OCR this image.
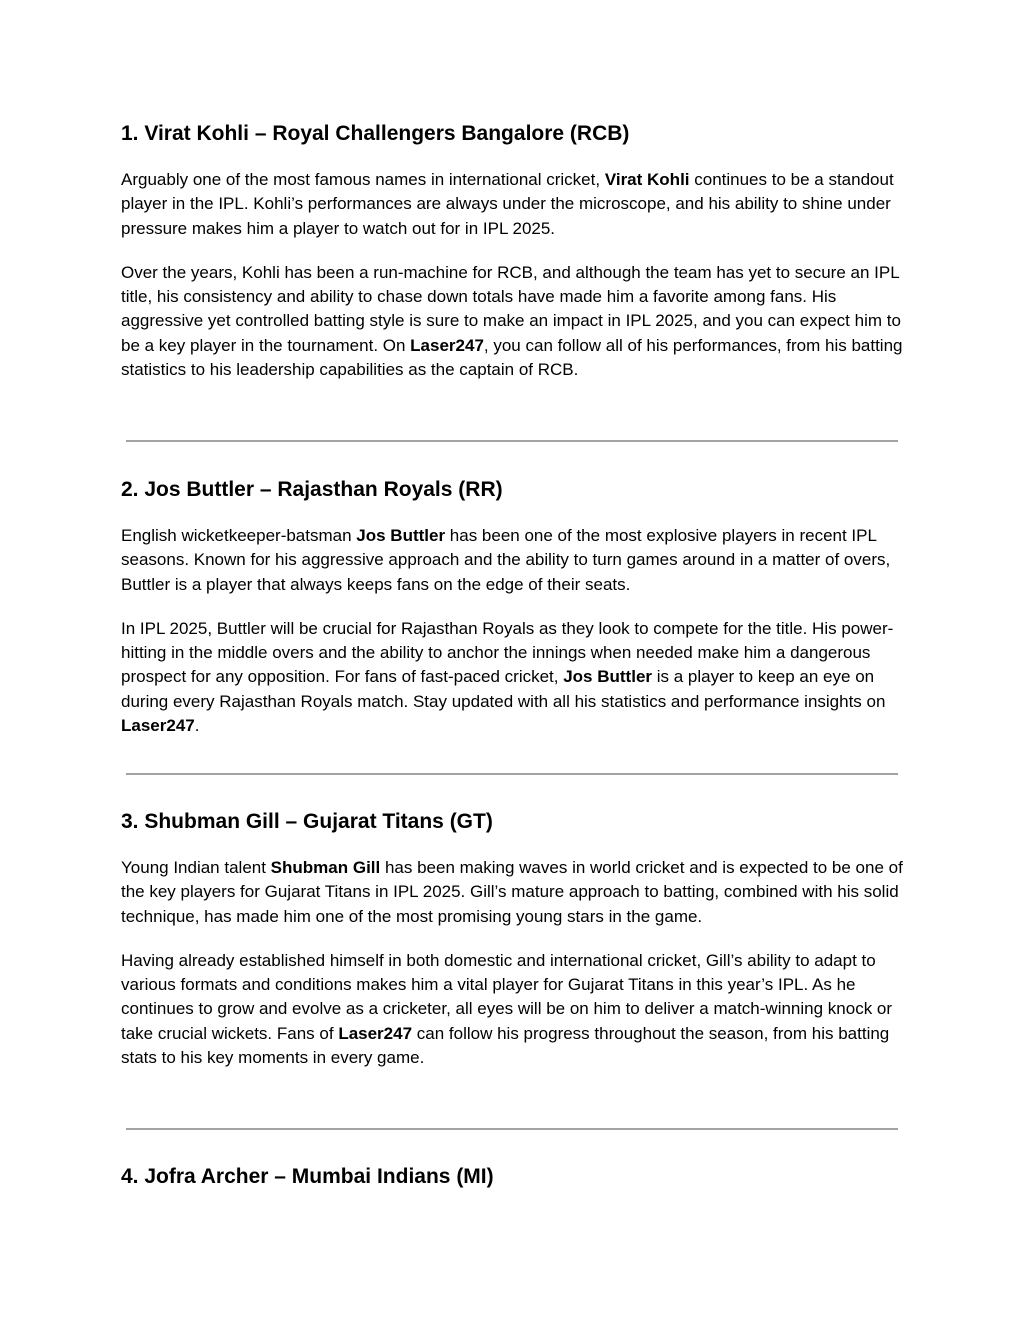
1. Virat Kohli – Royal Challengers Bangalore (RCB)

Arguably one of the most famous names in international cricket, Virat Kohli continues to be a standout player in the IPL. Kohli’s performances are always under the microscope, and his ability to shine under pressure makes him a player to watch out for in IPL 2025.

Over the years, Kohli has been a run-machine for RCB, and although the team has yet to secure an IPL title, his consistency and ability to chase down totals have made him a favorite among fans. His aggressive yet controlled batting style is sure to make an impact in IPL 2025, and you can expect him to be a key player in the tournament. On Laser247, you can follow all of his performances, from his batting statistics to his leadership capabilities as the captain of RCB.

2. Jos Buttler – Rajasthan Royals (RR)

English wicketkeeper-batsman Jos Buttler has been one of the most explosive players in recent IPL seasons. Known for his aggressive approach and the ability to turn games around in a matter of overs, Buttler is a player that always keeps fans on the edge of their seats.

In IPL 2025, Buttler will be crucial for Rajasthan Royals as they look to compete for the title. His power-hitting in the middle overs and the ability to anchor the innings when needed make him a dangerous prospect for any opposition. For fans of fast-paced cricket, Jos Buttler is a player to keep an eye on during every Rajasthan Royals match. Stay updated with all his statistics and performance insights on Laser247.

3. Shubman Gill – Gujarat Titans (GT)

Young Indian talent Shubman Gill has been making waves in world cricket and is expected to be one of the key players for Gujarat Titans in IPL 2025. Gill’s mature approach to batting, combined with his solid technique, has made him one of the most promising young stars in the game.

Having already established himself in both domestic and international cricket, Gill’s ability to adapt to various formats and conditions makes him a vital player for Gujarat Titans in this year’s IPL. As he continues to grow and evolve as a cricketer, all eyes will be on him to deliver a match-winning knock or take crucial wickets. Fans of Laser247 can follow his progress throughout the season, from his batting stats to his key moments in every game.

4. Jofra Archer – Mumbai Indians (MI)
